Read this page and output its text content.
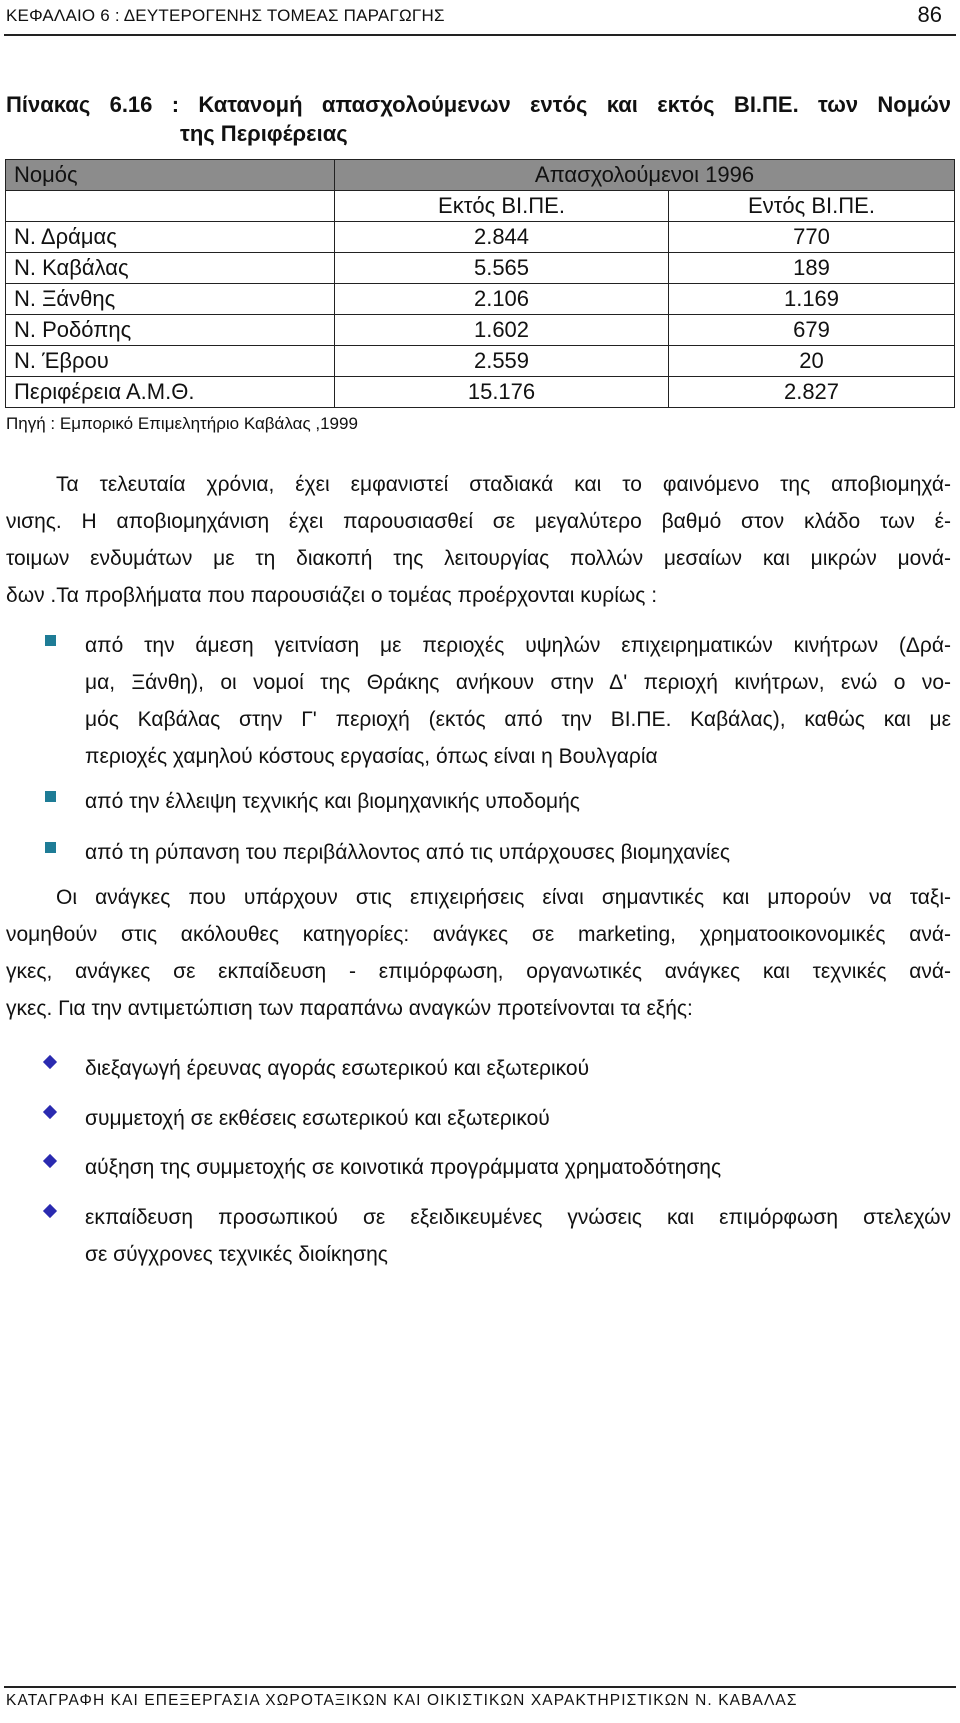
ΚΕΦΑΛΑΙΟ 6 : ΔΕΥΤΕΡΟΓΕΝΗΣ ΤΟΜΕΑΣ ΠΑΡΑΓΩΓΗΣ	86
Πίνακας 6.16 : Κατανομή απασχολούμενων εντός και εκτός ΒΙ.ΠΕ. των Νομών
της Περιφέρειας
Νομός	Απασχολούμενοι 1996	
	Εκτός ΒΙ.ΠΕ.	Εντός ΒΙ.ΠΕ.
Ν. Δράμας	2.844	770
Ν. Καβάλας	5.565	189
Ν. Ξάνθης	2.106	1.169
Ν. Ροδόπης	1.602	679
Ν. Έβρου	2.559	20
Περιφέρεια Α.Μ.Θ.	15.176	2.827
Πηγή : Εμπορικό Επιμελητήριο Καβάλας ,1999
Τα τελευταία χρόνια, έχει εμφανιστεί σταδιακά και το φαινόμενο της αποβιομηχά-
νισης. Η αποβιομηχάνιση έχει παρουσιασθεί σε μεγαλύτερο βαθμό στον κλάδο των έ-
τοιμων ενδυμάτων με τη διακοπή της λειτουργίας πολλών μεσαίων και μικρών μονά-
δων .Τα προβλήματα που παρουσιάζει ο τομέας προέρχονται κυρίως :
από την άμεση γειτνίαση με περιοχές υψηλών επιχειρηματικών κινήτρων (Δρά-
μα, Ξάνθη), οι νομοί της Θράκης ανήκουν στην Δ' περιοχή κινήτρων, ενώ ο νο-
μός Καβάλας στην Γ' περιοχή (εκτός από την ΒΙ.ΠΕ. Καβάλας), καθώς και με
περιοχές χαμηλού κόστους εργασίας, όπως είναι η Βουλγαρία
από την έλλειψη τεχνικής και βιομηχανικής υποδομής
από τη ρύπανση του περιβάλλοντος από τις υπάρχουσες βιομηχανίες
Οι ανάγκες που υπάρχουν στις επιχειρήσεις είναι σημαντικές και μπορούν να ταξι-
νομηθούν στις ακόλουθες κατηγορίες: ανάγκες σε marketing, χρηματοοικονομικές ανά-
γκες, ανάγκες σε εκπαίδευση - επιμόρφωση, οργανωτικές ανάγκες και τεχνικές ανά-
γκες. Για την αντιμετώπιση των παραπάνω αναγκών προτείνονται τα εξής:
διεξαγωγή έρευνας αγοράς εσωτερικού και εξωτερικού
συμμετοχή σε εκθέσεις εσωτερικού και εξωτερικού
αύξηση της συμμετοχής σε κοινοτικά προγράμματα χρηματοδότησης
εκπαίδευση προσωπικού σε εξειδικευμένες γνώσεις και επιμόρφωση στελεχών
σε σύγχρονες τεχνικές διοίκησης
ΚΑΤΑΓΡΑΦΗ ΚΑΙ ΕΠΕΞΕΡΓΑΣΙΑ ΧΩΡΟΤΑΞΙΚΩΝ ΚΑΙ ΟΙΚΙΣΤΙΚΩΝ ΧΑΡΑΚΤΗΡΙΣΤΙΚΩΝ Ν. ΚΑΒΑΛΑΣ
